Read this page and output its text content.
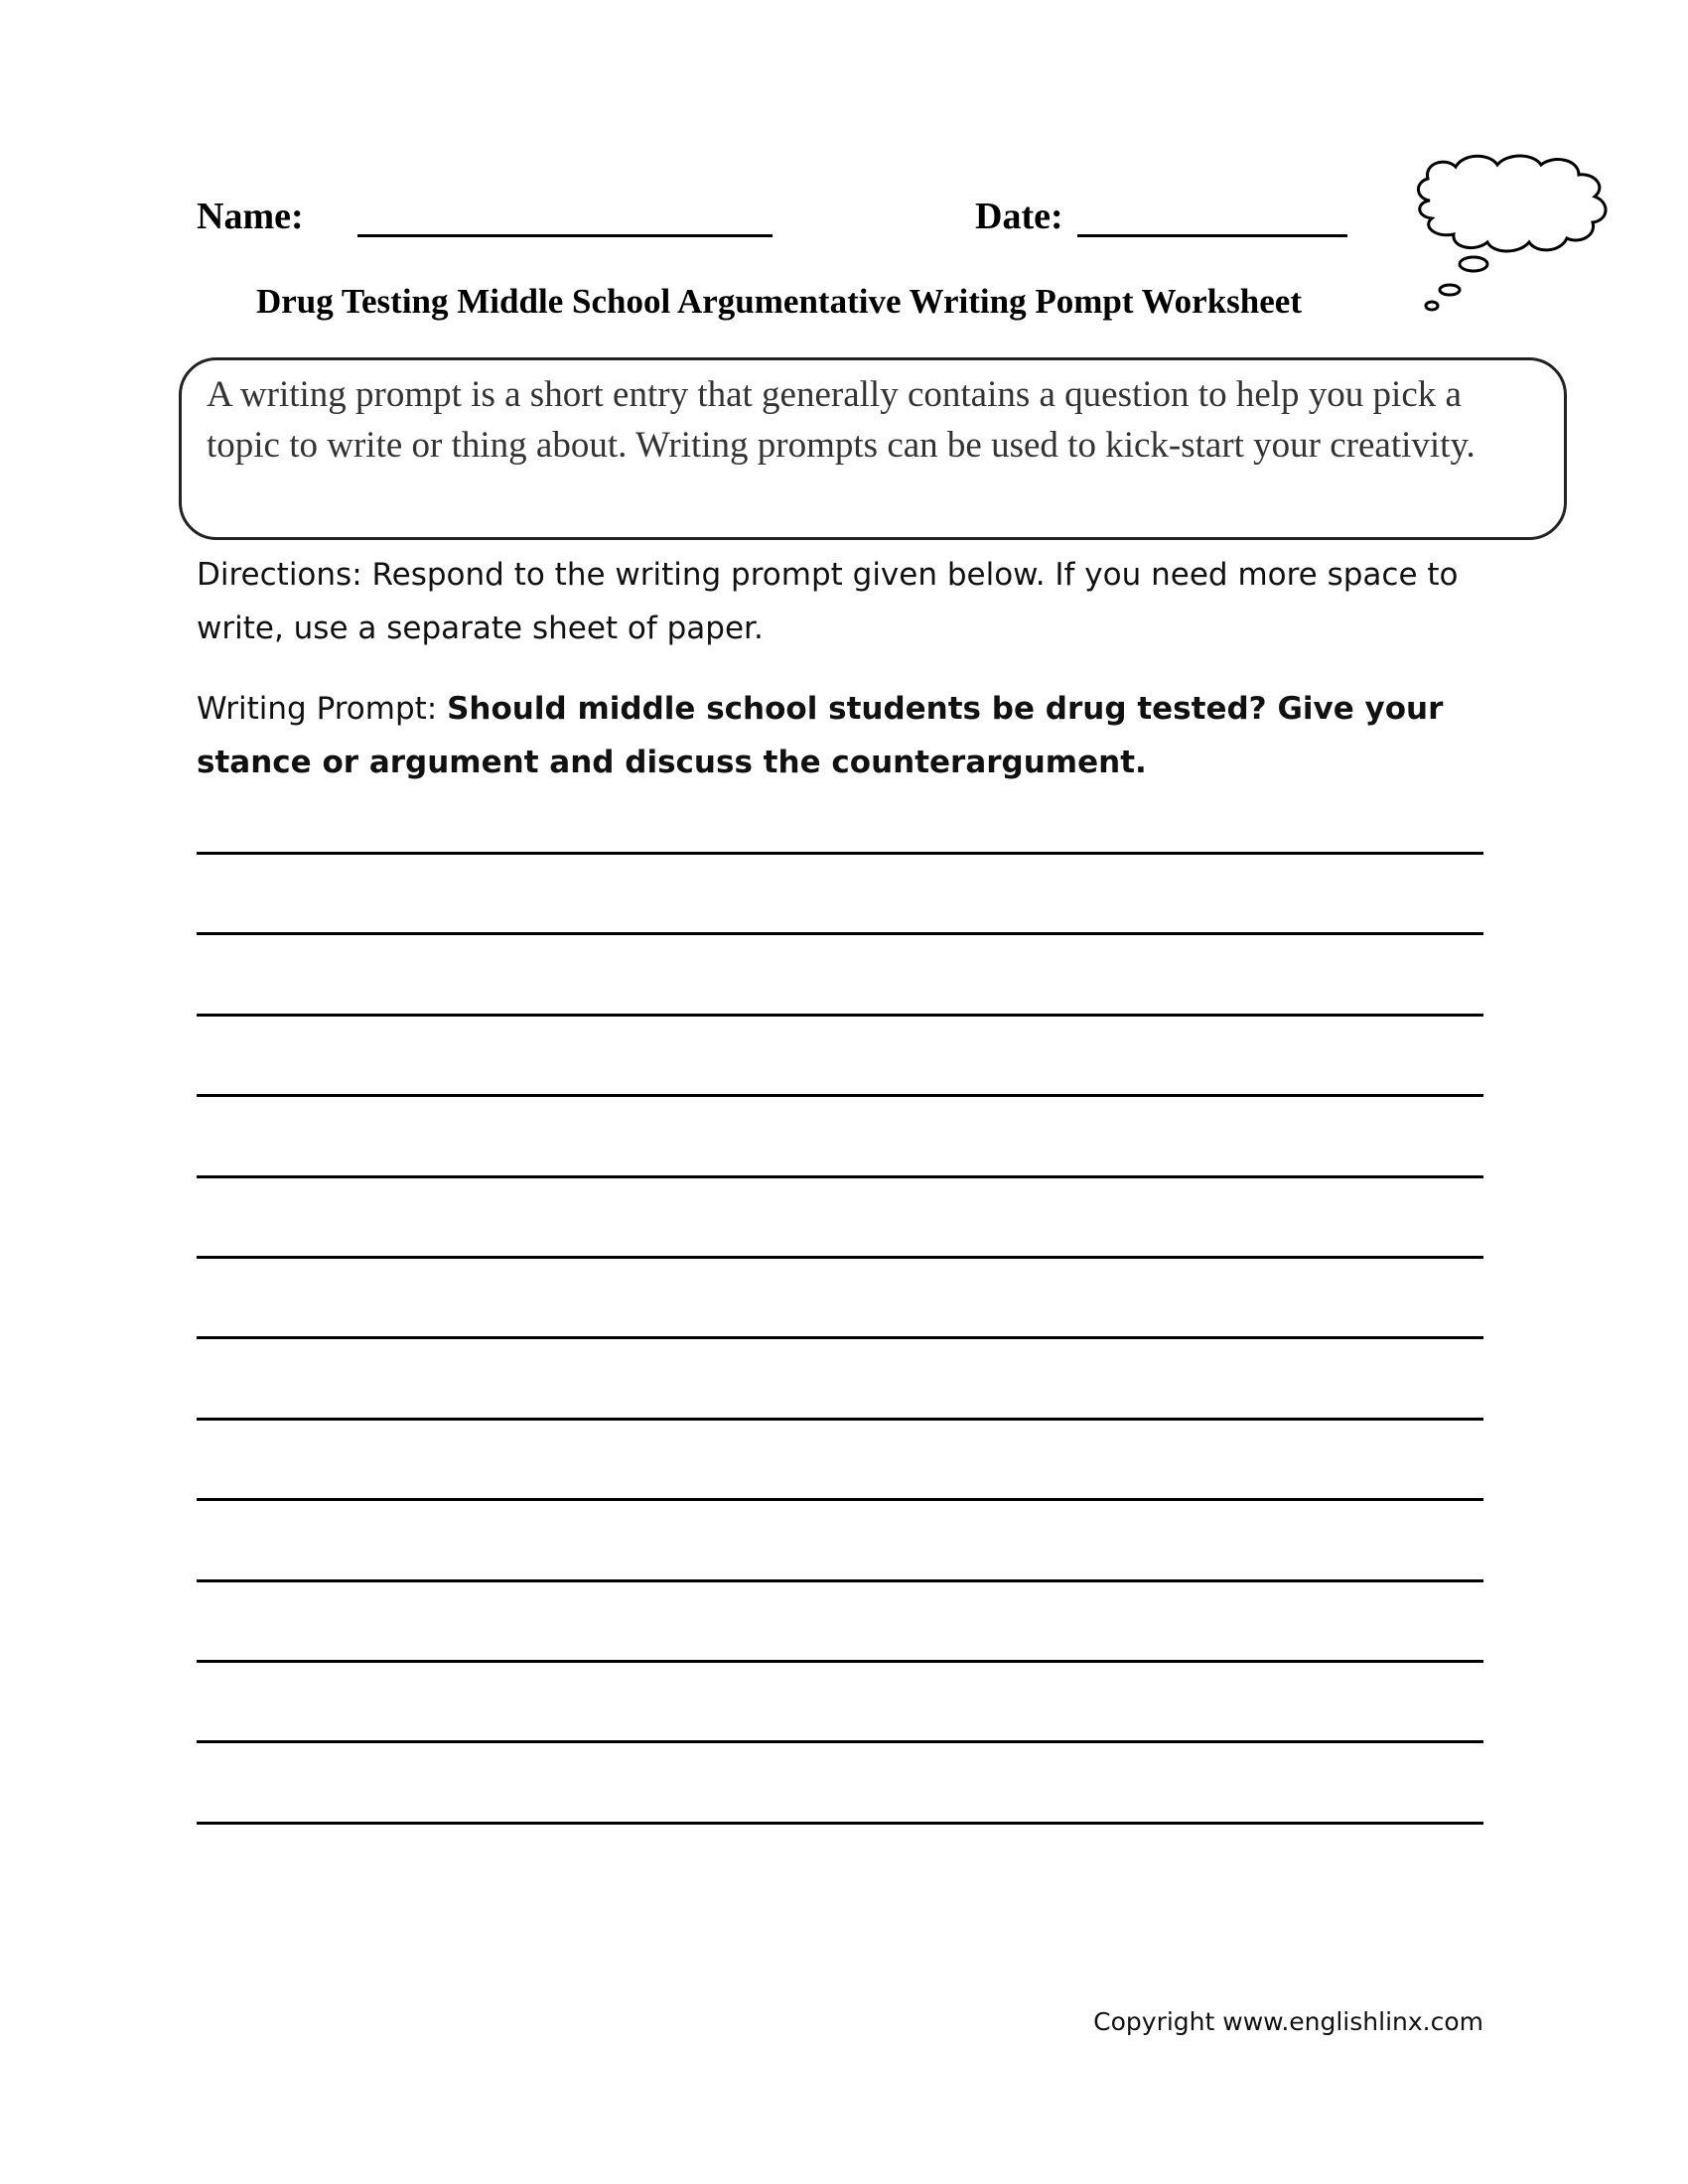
Name:	Date:
Drug Testing Middle School Argumentative Writing Pompt Worksheet
A writing prompt is a short entry that generally contains a question to help you pick a topic to write or thing about. Writing prompts can be used to kick-start your creativity.
Directions: Respond to the writing prompt given below. If you need more space to write, use a separate sheet of paper.
Writing Prompt: Should middle school students be drug tested? Give your stance or argument and discuss the counterargument.
Copyright www.englishlinx.com
